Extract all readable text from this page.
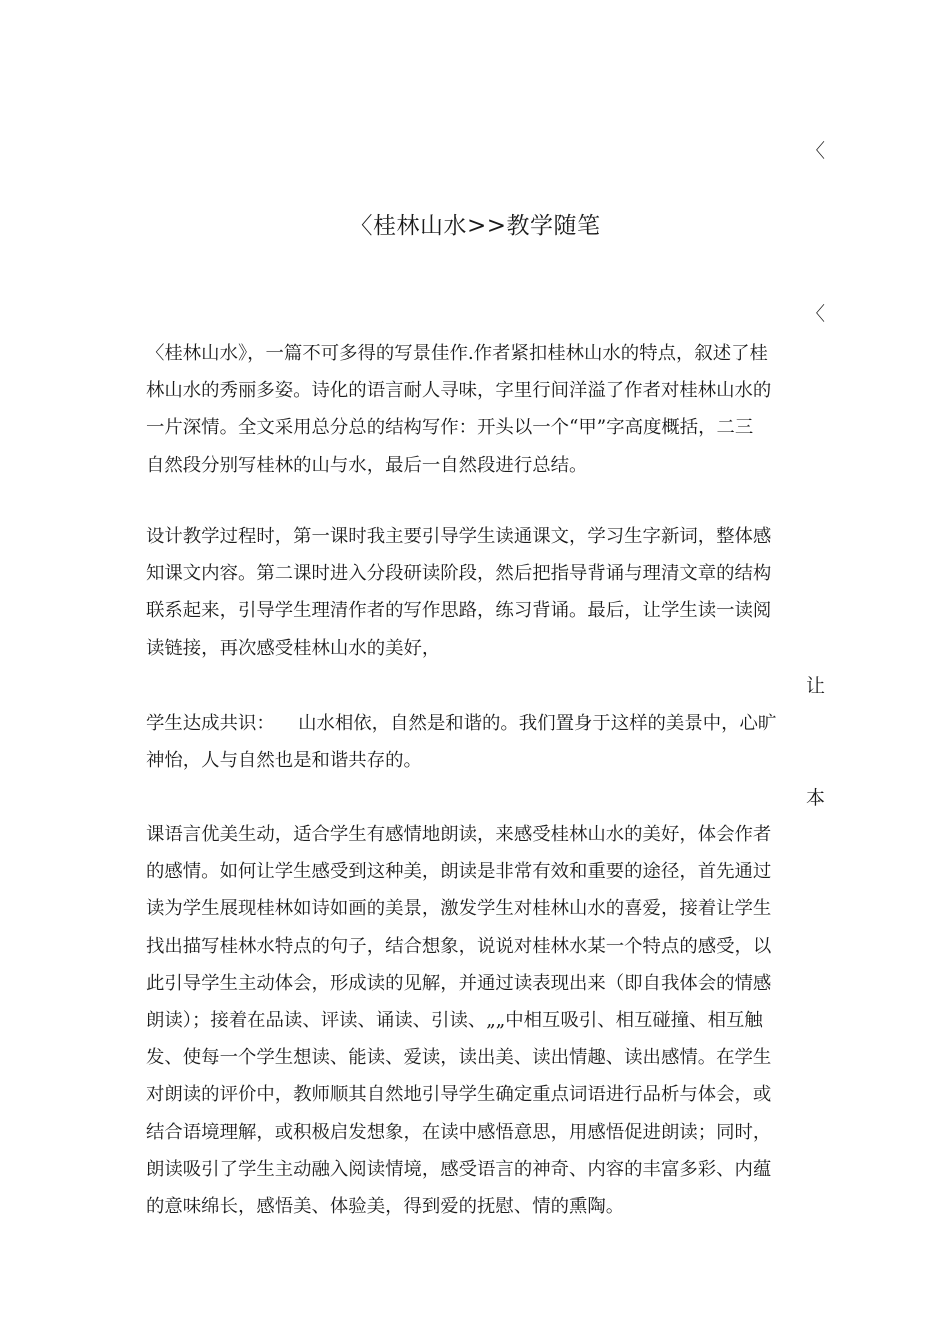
〈
〈
让
本
〈桂林山水>>教学随笔
〈桂林山水》，一篇不可多得的写景佳作.作者紧扣桂林山水的特点，叙述了桂
林山水的秀丽多姿。诗化的语言耐人寻味，字里行间洋溢了作者对桂林山水的
一片深情。全文采用总分总的结构写作：开头以一个“甲”字高度概括，二三
自然段分别写桂林的山与水，最后一自然段进行总结。
设计教学过程时，第一课时我主要引导学生读通课文，学习生字新词，整体感
知课文内容。第二课时进入分段研读阶段，然后把指导背诵与理清文章的结构
联系起来，引导学生理清作者的写作思路，练习背诵。最后，让学生读一读阅
读链接，再次感受桂林山水的美好，
学生达成共识：    山水相依，自然是和谐的。我们置身于这样的美景中，心旷
神怡，人与自然也是和谐共存的。
课语言优美生动，适合学生有感情地朗读，来感受桂林山水的美好，体会作者
的感情。如何让学生感受到这种美，朗读是非常有效和重要的途径，首先通过
读为学生展现桂林如诗如画的美景，激发学生对桂林山水的喜爱，接着让学生
找出描写桂林水特点的句子，结合想象，说说对桂林水某一个特点的感受，以
此引导学生主动体会，形成读的见解，并通过读表现出来（即自我体会的情感
朗读）；接着在品读、评读、诵读、引读、„„中相互吸引、相互碰撞、相互触
发、使每一个学生想读、能读、爱读，读出美、读出情趣、读出感情。在学生
对朗读的评价中，教师顺其自然地引导学生确定重点词语进行品析与体会，或
结合语境理解，或积极启发想象，在读中感悟意思，用感悟促进朗读；同时，
朗读吸引了学生主动融入阅读情境，感受语言的神奇、内容的丰富多彩、内蕴
的意味绵长，感悟美、体验美，得到爱的抚慰、情的熏陶。
